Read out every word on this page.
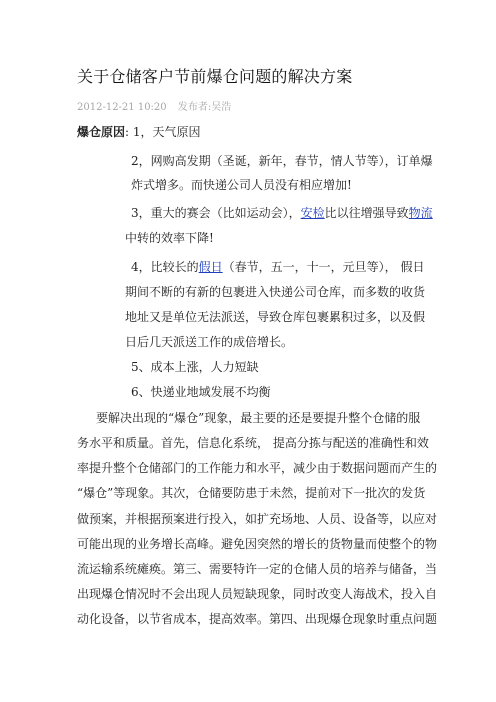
关于仓储客户节前爆仓问题的解决方案
2012-12-21 10:20 发布者:吴浩
爆仓原因: 1，天气原因
2，网购高发期（圣诞，新年，春节，情人节等），订单爆
炸式增多。而快递公司人员没有相应增加!
3，重大的赛会（比如运动会），安检比以往增强导致物流
中转的效率下降!
4，比较长的假日（春节，五一，十一，元旦等）， 假日
期间不断的有新的包裹进入快递公司仓库，而多数的收货
地址又是单位无法派送，导致仓库包裹累积过多，以及假
日后几天派送工作的成倍增长。
5、成本上涨，人力短缺
6、快递业地域发展不均衡
要解决出现的“爆仓”现象，最主要的还是要提升整个仓储的服
务水平和质量。首先，信息化系统， 提高分拣与配送的准确性和效
率提升整个仓储部门的工作能力和水平，减少由于数据问题而产生的
“爆仓”等现象。其次，仓储要防患于未然，提前对下一批次的发货
做预案，并根据预案进行投入，如扩充场地、人员、设备等，以应对
可能出现的业务增长高峰。避免因突然的增长的货物量而使整个的物
流运输系统瘫痪。第三、需要特许一定的仓储人员的培养与储备，当
出现爆仓情况时不会出现人员短缺现象，同时改变人海战术，投入自
动化设备，以节省成本，提高效率。第四、出现爆仓现象时重点问题
